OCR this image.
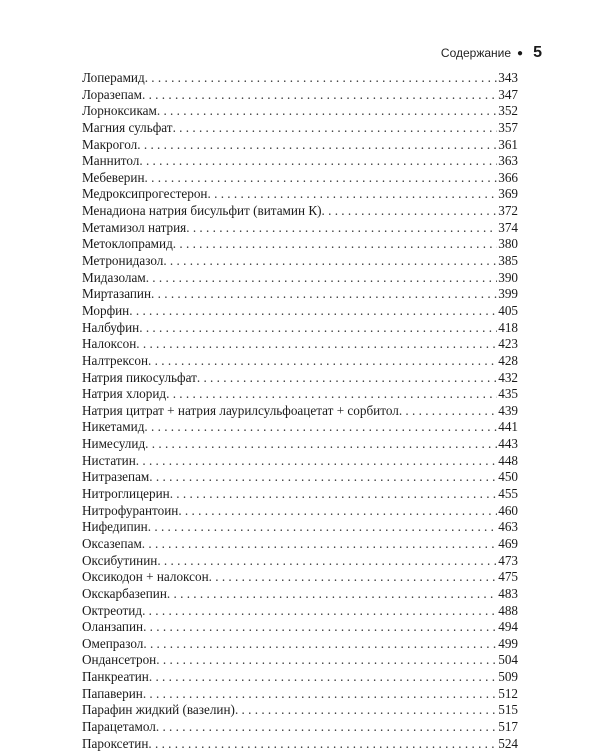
Содержание ● 5
Лоперамид . . .	343
Лоразепам . . .	347
Лорноксикам . . .	352
Магния сульфат . . .	357
Макрогол . . .	361
Маннитол . . .	363
Мебеверин . . .	366
Медроксипрогестерон . . .	369
Менадиона натрия бисульфит (витамин К) . . .	372
Метамизол натрия . . .	374
Метоклопрамид . . .	380
Метронидазол . . .	385
Мидазолам . . .	390
Миртазапин . . .	399
Морфин . . .	405
Налбуфин . . .	418
Налоксон . . .	423
Налтрексон . . .	428
Натрия пикосульфат . . .	432
Натрия хлорид . . .	435
Натрия цитрат + натрия лаурилсульфоацетат + сорбитол . . .	439
Никетамид . . .	441
Нимесулид . . .	443
Нистатин . . .	448
Нитразепам . . .	450
Нитроглицерин . . .	455
Нитрофурантоин . . .	460
Нифедипин . . .	463
Оксазепам . . .	469
Оксибутинин . . .	473
Оксикодон + налоксон . . .	475
Окскарбазепин . . .	483
Октреотид . . .	488
Оланзапин . . .	494
Омепразол . . .	499
Ондансетрон . . .	504
Панкреатин . . .	509
Папаверин . . .	512
Парафин жидкий (вазелин) . . .	515
Парацетамол . . .	517
Пароксетин . . .	524
